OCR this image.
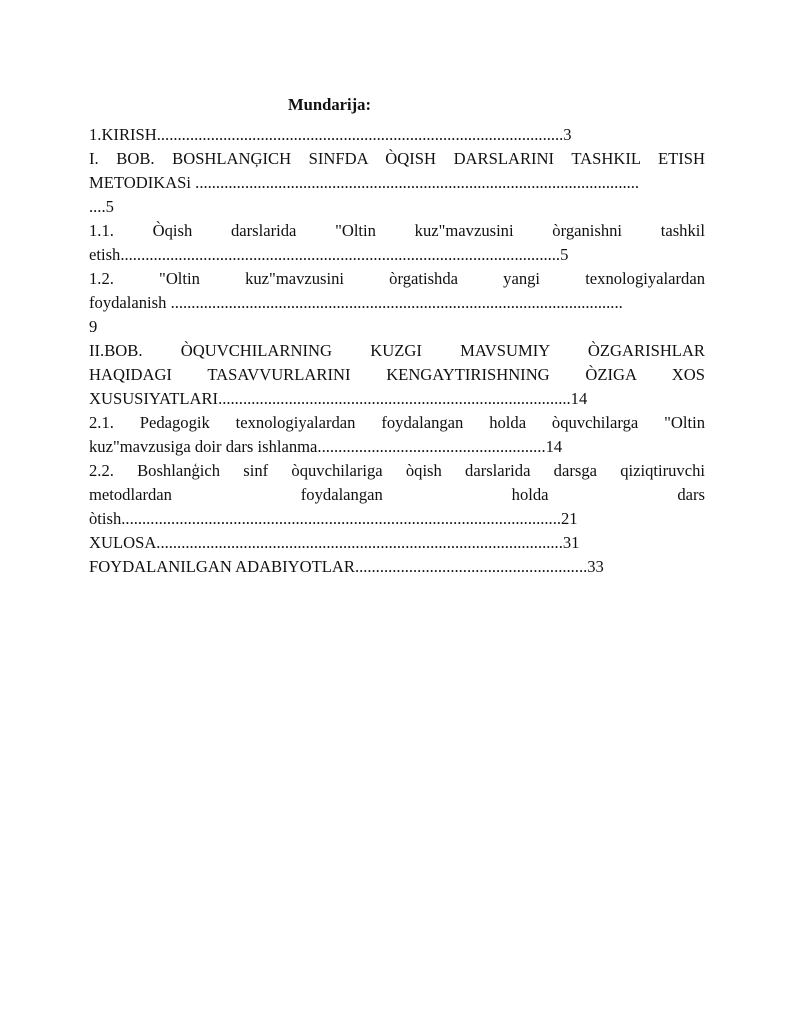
Mundarija:
1.KIRISH..................................................................................................3
I. BOB. BOSHLANĢICH SINFDA ÒQISH DARSLARINI TASHKIL ETISH
METODIKASi ...........................................................................................................
....5
1.1. Òqish darslarida "Oltin kuz"mavzusini òrganishni tashkil
etish..........................................................................................................5
1.2. "Oltin kuz"mavzusini òrgatishda yangi texnologiyalardan
foydalanish .............................................................................................................
9
II.BOB. ÒQUVCHILARNING KUZGI MAVSUMIY ÒZGARISHLAR
HAQIDAGI TASAVVURLARINI KENGAYTIRISHNING ÒZIGA XOS
XUSUSIYATLARI.....................................................................................14
2.1. Pedagogik texnologiyalardan foydalangan holda òquvchilarga "Oltin
kuz"mavzusiga doir dars ishlanma.......................................................14
2.2. Boshlanģich sinf òquvchilariga òqish darslarida darsga qiziqtiruvchi
metodlardan foydalangan holda dars
òtish..........................................................................................................21
XULOSA..................................................................................................31
FOYDALANILGAN ADABIYOTLAR........................................................33
